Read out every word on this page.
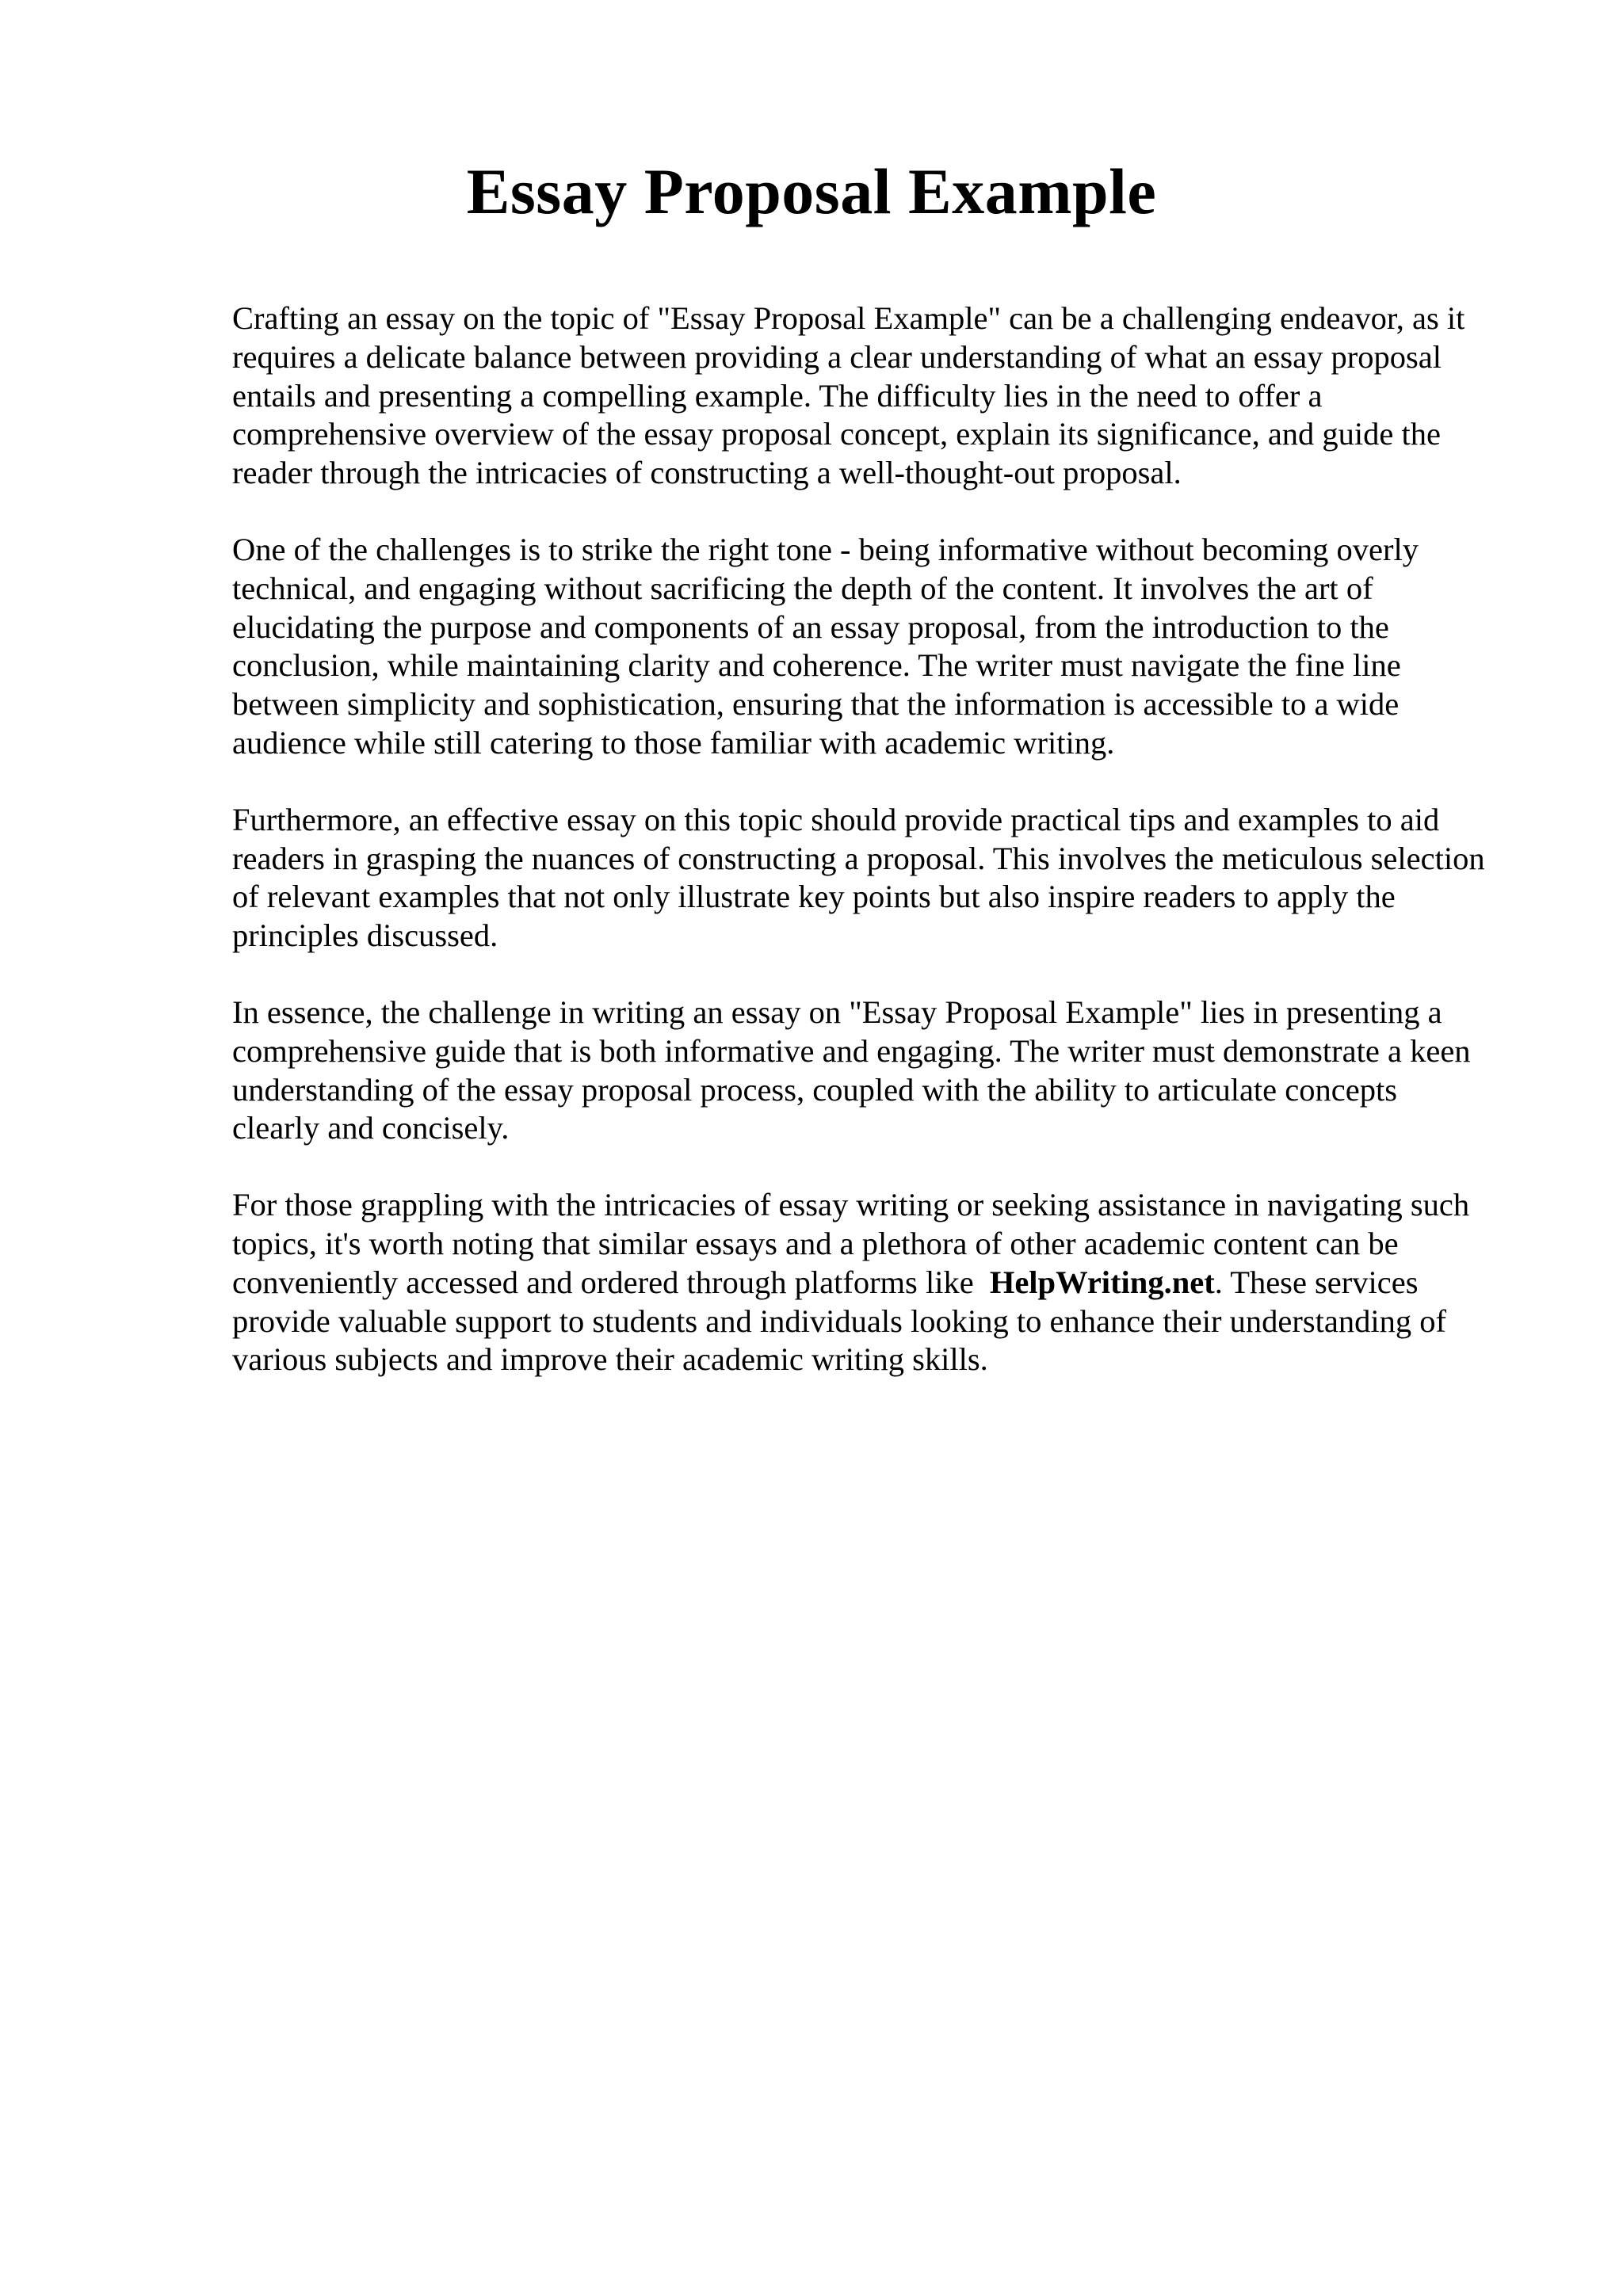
Essay Proposal Example

Crafting an essay on the topic of "Essay Proposal Example" can be a challenging endeavor, as it
requires a delicate balance between providing a clear understanding of what an essay proposal
entails and presenting a compelling example. The difficulty lies in the need to offer a
comprehensive overview of the essay proposal concept, explain its significance, and guide the
reader through the intricacies of constructing a well-thought-out proposal.

One of the challenges is to strike the right tone - being informative without becoming overly
technical, and engaging without sacrificing the depth of the content. It involves the art of
elucidating the purpose and components of an essay proposal, from the introduction to the
conclusion, while maintaining clarity and coherence. The writer must navigate the fine line
between simplicity and sophistication, ensuring that the information is accessible to a wide
audience while still catering to those familiar with academic writing.

Furthermore, an effective essay on this topic should provide practical tips and examples to aid
readers in grasping the nuances of constructing a proposal. This involves the meticulous selection
of relevant examples that not only illustrate key points but also inspire readers to apply the
principles discussed.

In essence, the challenge in writing an essay on "Essay Proposal Example" lies in presenting a
comprehensive guide that is both informative and engaging. The writer must demonstrate a keen
understanding of the essay proposal process, coupled with the ability to articulate concepts
clearly and concisely.

For those grappling with the intricacies of essay writing or seeking assistance in navigating such
topics, it's worth noting that similar essays and a plethora of other academic content can be
conveniently accessed and ordered through platforms like HelpWriting.net. These services
provide valuable support to students and individuals looking to enhance their understanding of
various subjects and improve their academic writing skills.
